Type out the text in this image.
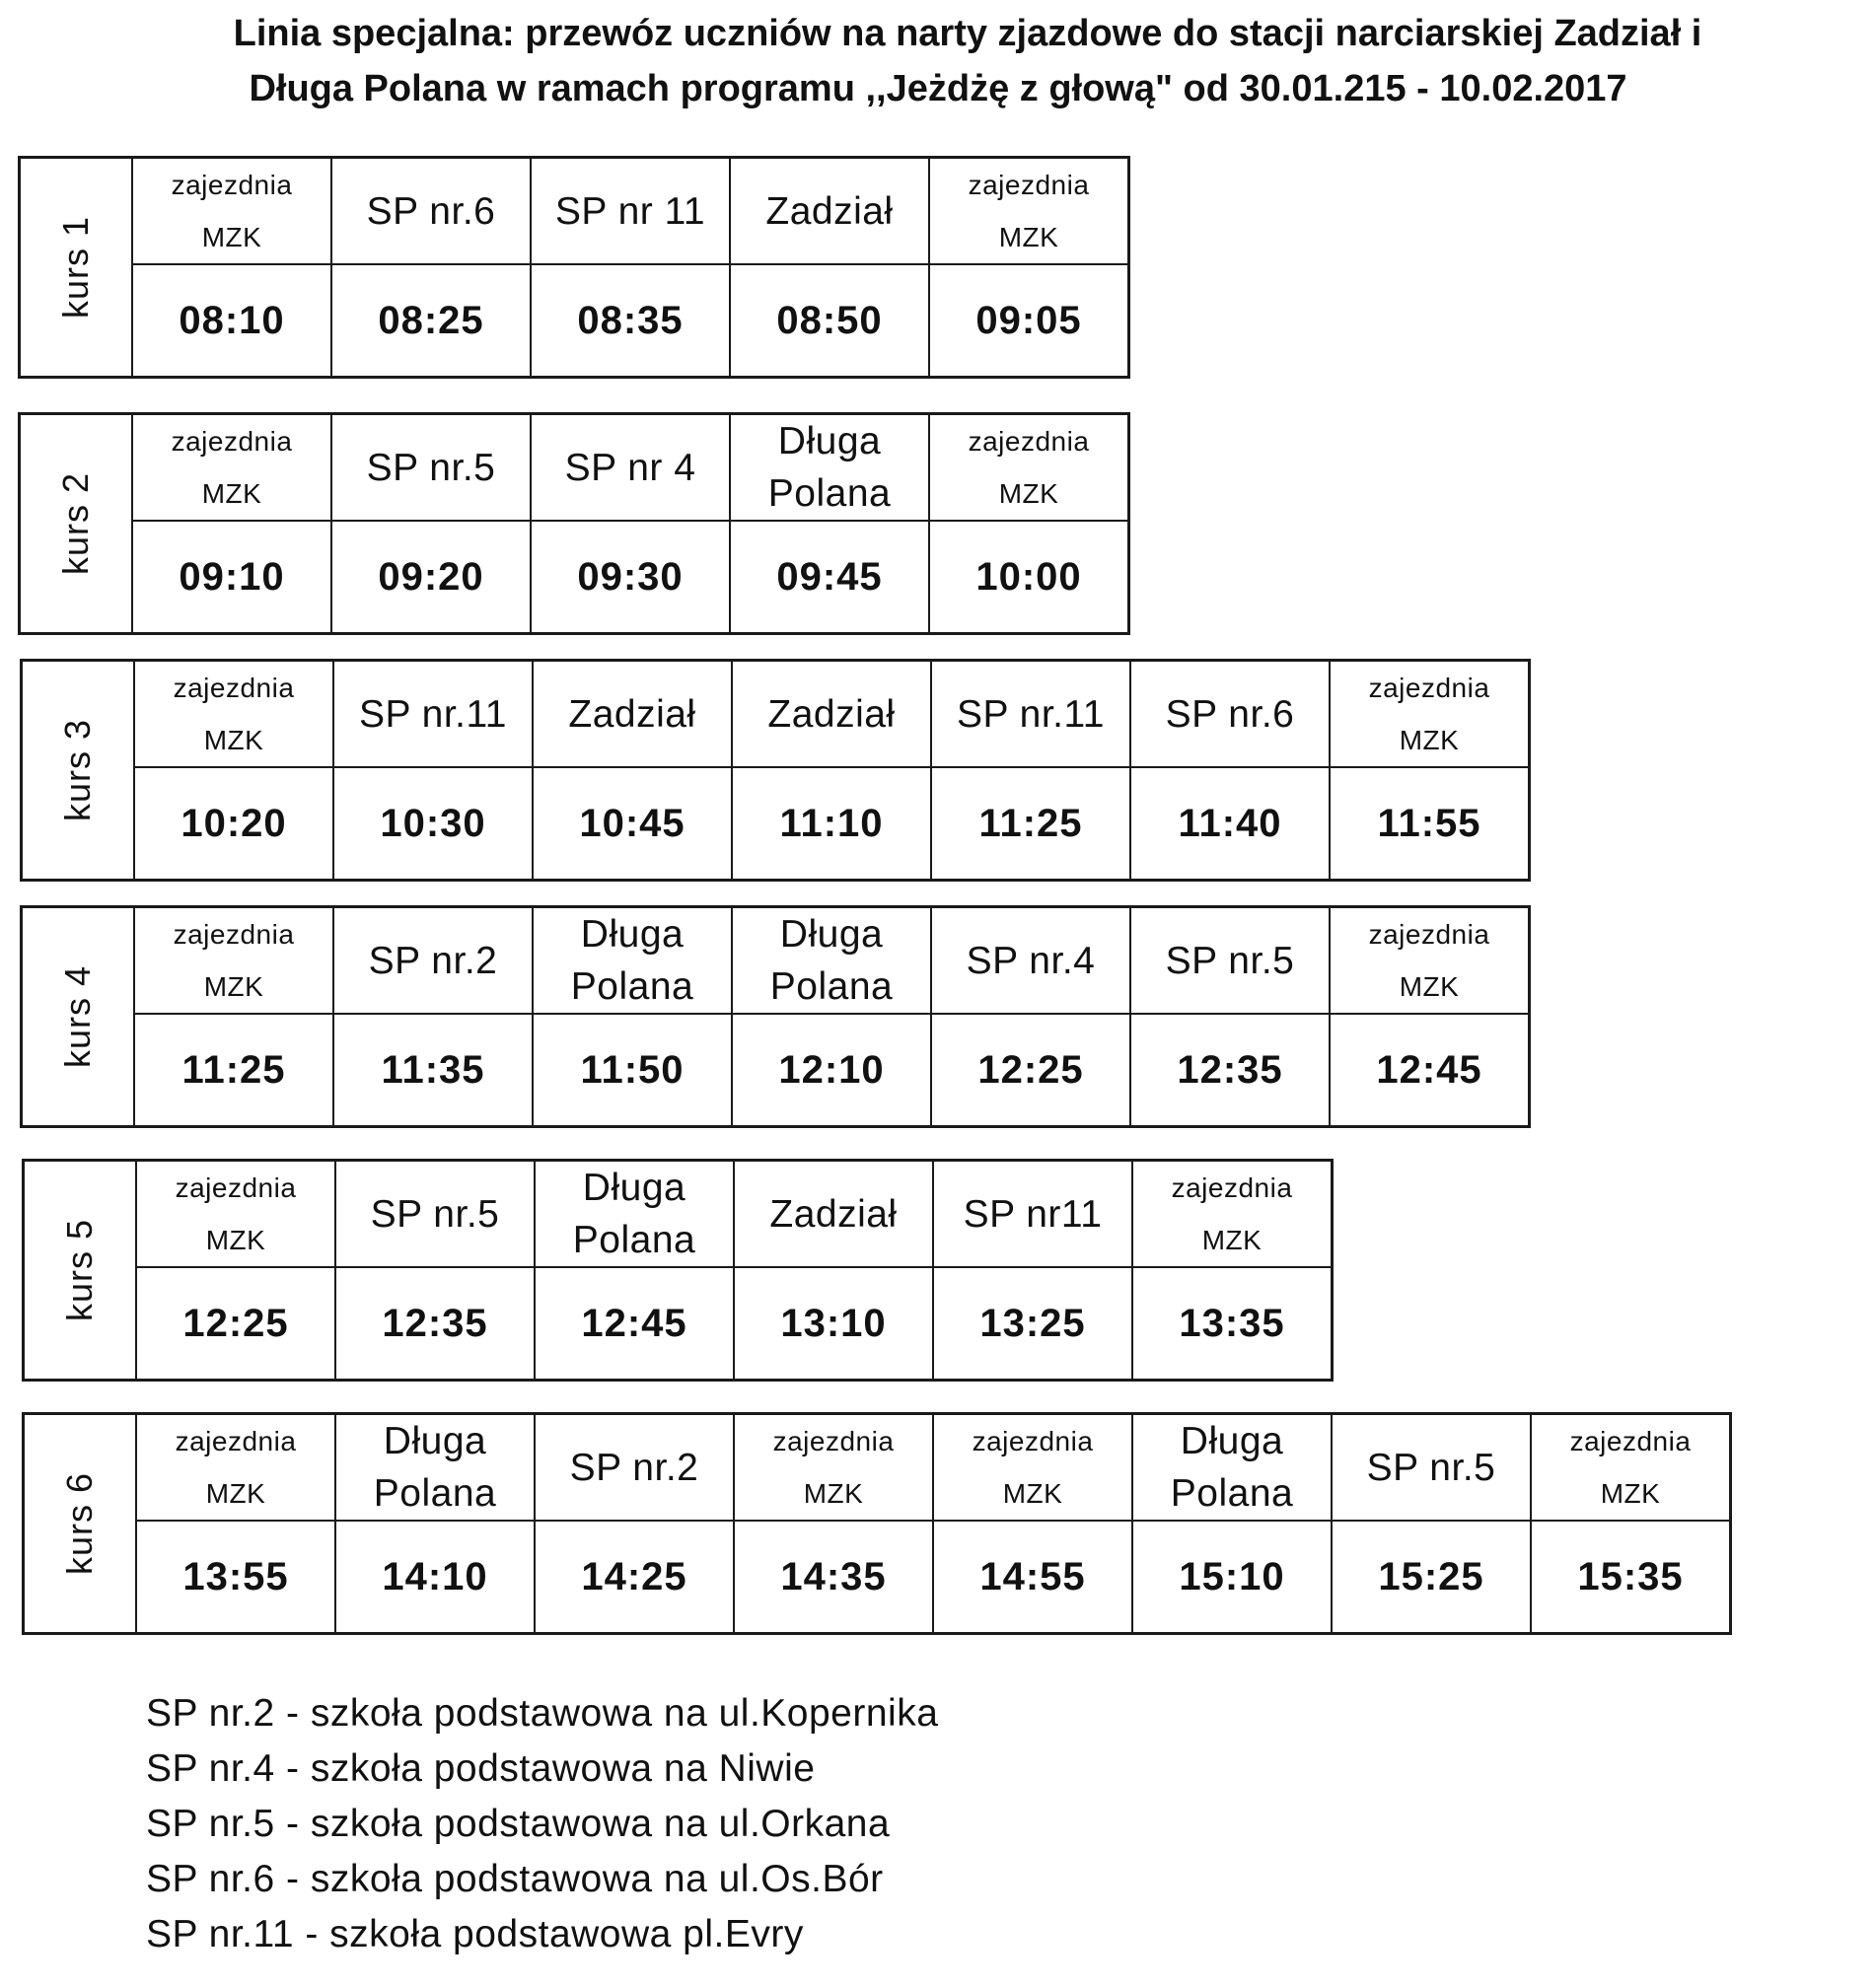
Linia specjalna: przewóz uczniów na narty zjazdowe do stacji narciarskiej Zadział i
Długa Polana w ramach programu ,,Jeżdżę z głową" od 30.01.215 - 10.02.2017
kurs 1	zajezdnia
MZK	SP nr.6	SP nr 11	Zadział	zajezdnia
MZK

	08:10	08:25	08:35	08:50	09:05
kurs 2	zajezdnia
MZK	SP nr.5	SP nr 4	Długa
Polana	zajezdnia
MZK

	09:10	09:20	09:30	09:45	10:00
kurs 3	zajezdnia
MZK	SP nr.11	Zadział	Zadział	SP nr.11	SP nr.6	zajezdnia
MZK

	10:20	10:30	10:45	11:10	11:25	11:40	11:55
kurs 4	zajezdnia
MZK	SP nr.2	Długa
Polana	Długa
Polana	SP nr.4	SP nr.5	zajezdnia
MZK

	11:25	11:35	11:50	12:10	12:25	12:35	12:45
kurs 5	zajezdnia
MZK	SP nr.5	Długa
Polana	Zadział	SP nr11	zajezdnia
MZK

	12:25	12:35	12:45	13:10	13:25	13:35
kurs 6	zajezdnia
MZK	Długa
Polana	SP nr.2	zajezdnia
MZK	zajezdnia
MZK	Długa
Polana	SP nr.5	zajezdnia
MZK

	13:55	14:10	14:25	14:35	14:55	15:10	15:25	15:35
SP nr.2 - szkoła podstawowa na ul.Kopernika
SP nr.4 - szkoła podstawowa na Niwie
SP nr.5 - szkoła podstawowa na ul.Orkana
SP nr.6 - szkoła podstawowa na ul.Os.Bór
SP nr.11 - szkoła podstawowa pl.Evry
